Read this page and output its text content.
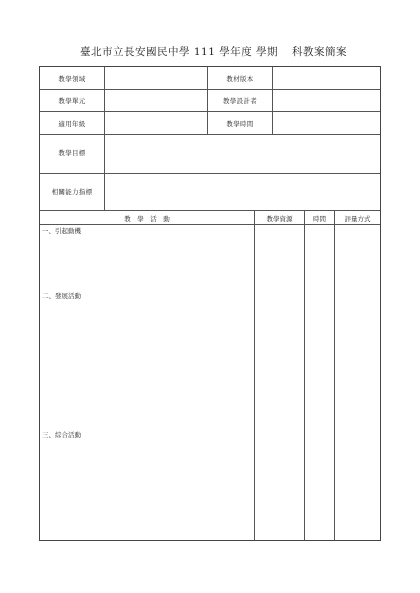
臺北市立長安國民中學 111 學年度 學期 科教案簡案
教學領域	教材版本
教學單元	教學設計者
適用年級	教學時間
教學目標
相關能力指標
教　學　活　動	教學資源	時間	評量方式
一、引起動機
二、發展活動
三、綜合活動
